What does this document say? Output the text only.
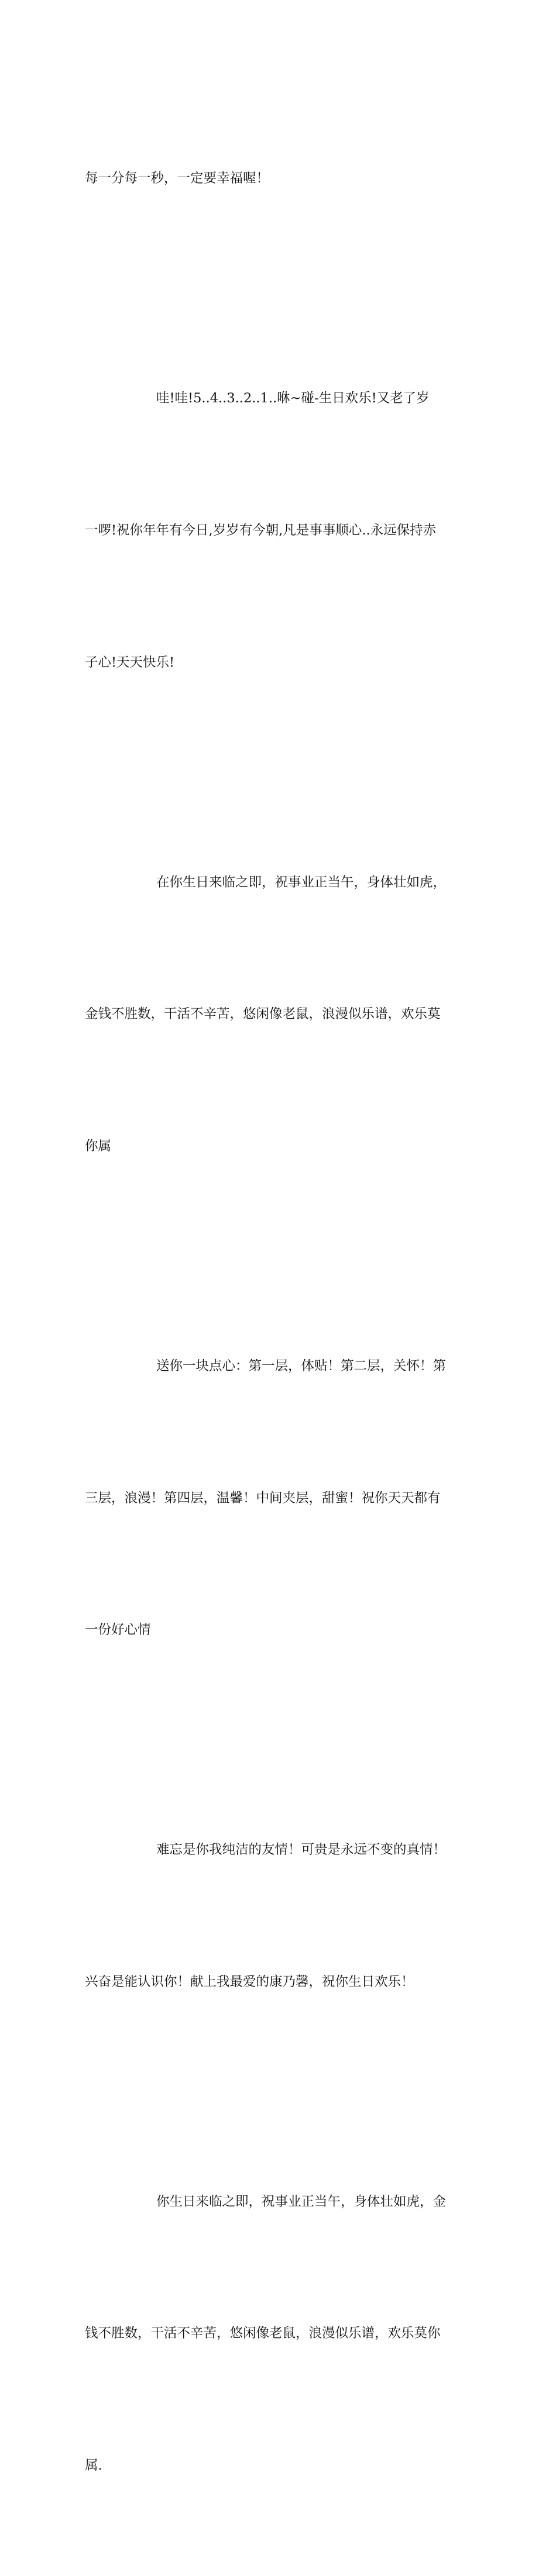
每一分每一秒，一定要幸福喔！

哇!哇!5..4..3..2..1..咻~碰-生日欢乐!又老了岁

一啰!祝你年年有今日,岁岁有今朝,凡是事事顺心..永远保持赤

子心!天天快乐!

在你生日来临之即，祝事业正当午，身体壮如虎，

金钱不胜数，干活不辛苦，悠闲像老鼠，浪漫似乐谱，欢乐莫

你属

送你一块点心：第一层，体贴！第二层，关怀！第

三层，浪漫！第四层，温馨！中间夹层，甜蜜！祝你天天都有

一份好心情

难忘是你我纯洁的友情！可贵是永远不变的真情！

兴奋是能认识你！献上我最爱的康乃馨，祝你生日欢乐！

你生日来临之即，祝事业正当午，身体壮如虎，金

钱不胜数，干活不辛苦，悠闲像老鼠，浪漫似乐谱，欢乐莫你

属.
